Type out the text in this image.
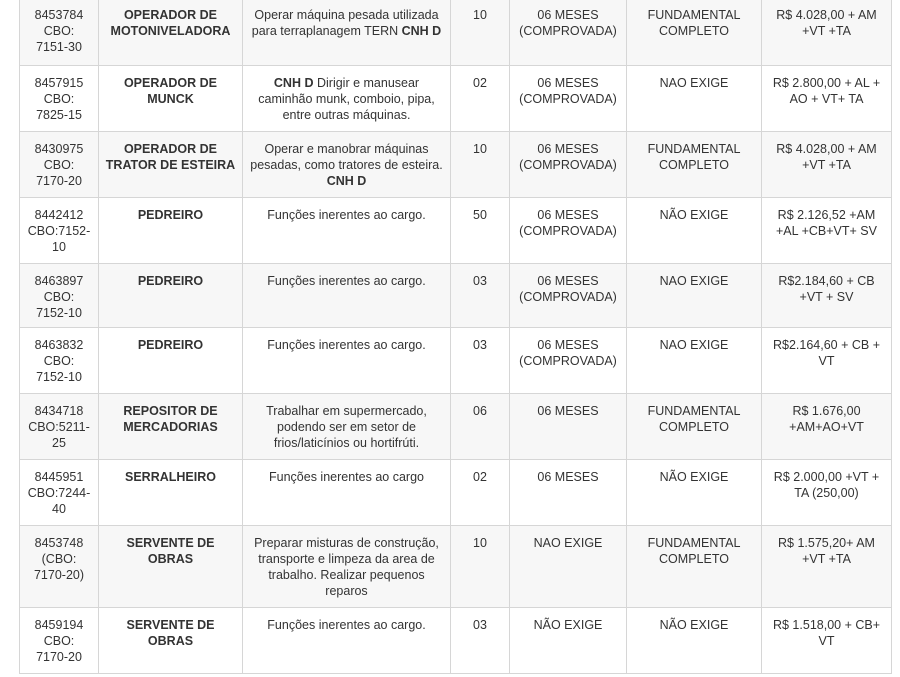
8453784
CBO:
7151-30	OPERADOR DE
MOTONIVELADORA	Operar máquina pesada utilizada
para terraplanagem TERN CNH D	10	06 MESES
(COMPROVADA)	FUNDAMENTAL
COMPLETO	R$ 4.028,00 + AM
+VT +TA
8457915
CBO:
7825-15	OPERADOR DE
MUNCK	CNH D Dirigir e manusear
caminhão munk, comboio, pipa,
entre outras máquinas.	02	06 MESES
(COMPROVADA)	NAO EXIGE	R$ 2.800,00 + AL +
AO + VT+ TA
8430975
CBO:
7170-20	OPERADOR DE
TRATOR DE ESTEIRA	Operar e manobrar máquinas
pesadas, como tratores de esteira.
CNH D	10	06 MESES
(COMPROVADA)	FUNDAMENTAL
COMPLETO	R$ 4.028,00 + AM
+VT +TA
8442412
CBO:7152-
10	PEDREIRO	Funções inerentes ao cargo.	50	06 MESES
(COMPROVADA)	NÃO EXIGE	R$ 2.126,52 +AM
+AL +CB+VT+ SV
8463897
CBO:
7152-10	PEDREIRO	Funções inerentes ao cargo.	03	06 MESES
(COMPROVADA)	NAO EXIGE	R$2.184,60 + CB
+VT + SV
8463832
CBO:
7152-10	PEDREIRO	Funções inerentes ao cargo.	03	06 MESES
(COMPROVADA)	NAO EXIGE	R$2.164,60 + CB +
VT
8434718
CBO:5211-
25	REPOSITOR DE
MERCADORIAS	Trabalhar em supermercado,
podendo ser em setor de
frios/laticínios ou hortifrúti.	06	06 MESES	FUNDAMENTAL
COMPLETO	R$ 1.676,00
+AM+AO+VT
8445951
CBO:7244-
40	SERRALHEIRO	Funções inerentes ao cargo	02	06 MESES	NÃO EXIGE	R$ 2.000,00 +VT +
TA (250,00)
8453748
(CBO:
7170-20)	SERVENTE DE
OBRAS	Preparar misturas de construção,
transporte e limpeza da area de
trabalho. Realizar pequenos
reparos	10	NAO EXIGE	FUNDAMENTAL
COMPLETO	R$ 1.575,20+ AM
+VT +TA
8459194
CBO:
7170-20	SERVENTE DE
OBRAS	Funções inerentes ao cargo.	03	NÃO EXIGE	NÃO EXIGE	R$ 1.518,00 + CB+
VT
